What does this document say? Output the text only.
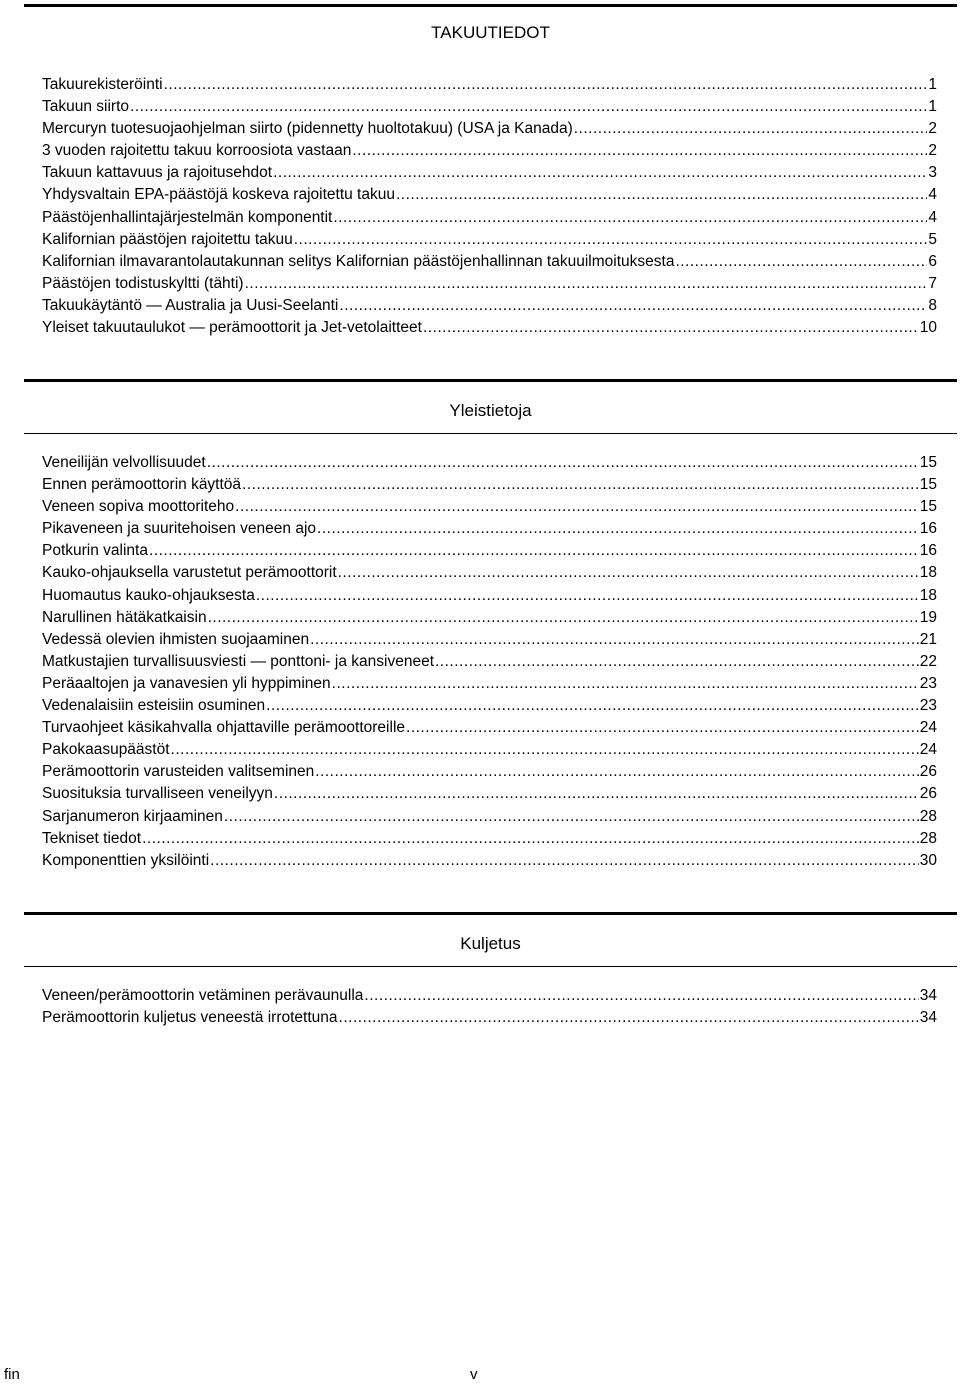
TAKUUTIEDOT
Takuurekisteröinti .....	1
Takuun siirto .....	1
Mercuryn tuotesuojaohjelman siirto (pidennetty huoltotakuu) (USA ja Kanada) .....	2
3 vuoden rajoitettu takuu korroosiota vastaan .....	2
Takuun kattavuus ja rajoitusehdot .....	3
Yhdysvaltain EPA-päästöjä koskeva rajoitettu takuu .....	4
Päästöjenhallintajärjestelmän komponentit .....	4
Kalifornian päästöjen rajoitettu takuu .....	5
Kalifornian ilmavarantolautakunnan selitys Kalifornian päästöjenhallinnan takuuilmoituksesta .....	6
Päästöjen todistuskyltti (tähti) .....	7
Takuukäytäntö — Australia ja Uusi-Seelanti .....	8
Yleiset takuutaulukot — perämoottorit ja Jet-vetolaitteet .....	10
Yleistietoja
Veneilijän velvollisuudet .....	15
Ennen perämoottorin käyttöä .....	15
Veneen sopiva moottoriteho .....	15
Pikaveneen ja suuritehoisen veneen ajo .....	16
Potkurin valinta .....	16
Kauko-ohjauksella varustetut perämoottorit .....	18
Huomautus kauko-ohjauksesta .....	18
Narullinen hätäkatkaisin .....	19
Vedessä olevien ihmisten suojaaminen .....	21
Matkustajien turvallisuusviesti — ponttoni- ja kansiveneet .....	22
Peräaaltojen ja vanavesien yli hyppiminen .....	23
Vedenalaisiin esteisiin osuminen .....	23
Turvaohjeet käsikahvalla ohjattaville perämoottoreille .....	24
Pakokaasupäästöt .....	24
Perämoottorin varusteiden valitseminen .....	26
Suosituksia turvalliseen veneilyyn .....	26
Sarjanumeron kirjaaminen .....	28
Tekniset tiedot .....	28
Komponenttien yksilöinti .....	30
Kuljetus
Veneen/perämoottorin vetäminen perävaunulla .....	34
Perämoottorin kuljetus veneestä irrotettuna .....	34
fin	v
